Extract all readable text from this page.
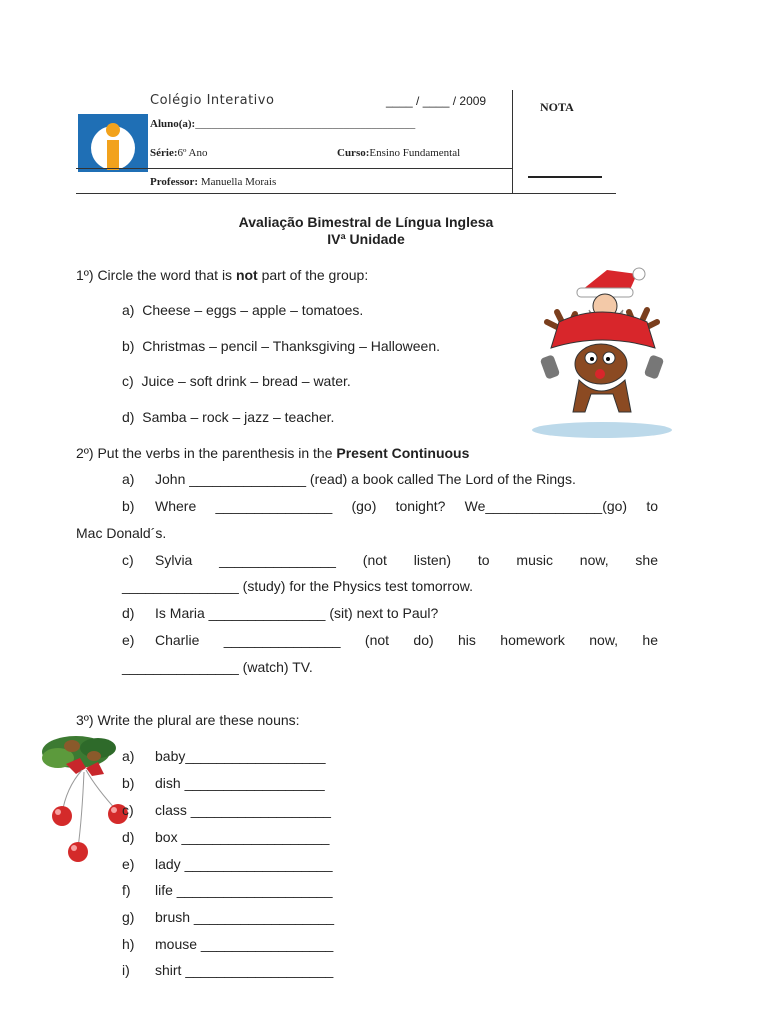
Colégio Interativo	____ / ____ / 2009
Aluno(a):________________________________________
Série:6º Ano	Curso:Ensino Fundamental
Professor: Manuella Morais
NOTA
Avaliação Bimestral de Língua Inglesa
IVª Unidade
1º) Circle the word that is not part of the group:
a) Cheese – eggs – apple – tomatoes.
b) Christmas – pencil – Thanksgiving – Halloween.
c) Juice – soft drink – bread – water.
d) Samba – rock – jazz – teacher.
2º) Put the verbs in the parenthesis in the Present Continuous
a) John _______________ (read) a book called The Lord of the Rings.
b)	Where _______________ (go) tonight? We_______________(go) to
Mac Donald´s.
c)	Sylvia _______________ (not listen) to music now, she
_______________ (study) for the Physics test tomorrow.
d) Is Maria _______________ (sit) next to Paul?
e)	Charlie _______________ (not do) his homework now, he
_______________ (watch) TV.
3º) Write the plural are these nouns:
a) baby__________________
b) dish __________________
c) class __________________
d) box ___________________
e) lady ___________________
f) life ____________________
g) brush __________________
h) mouse _________________
i) shirt ___________________
